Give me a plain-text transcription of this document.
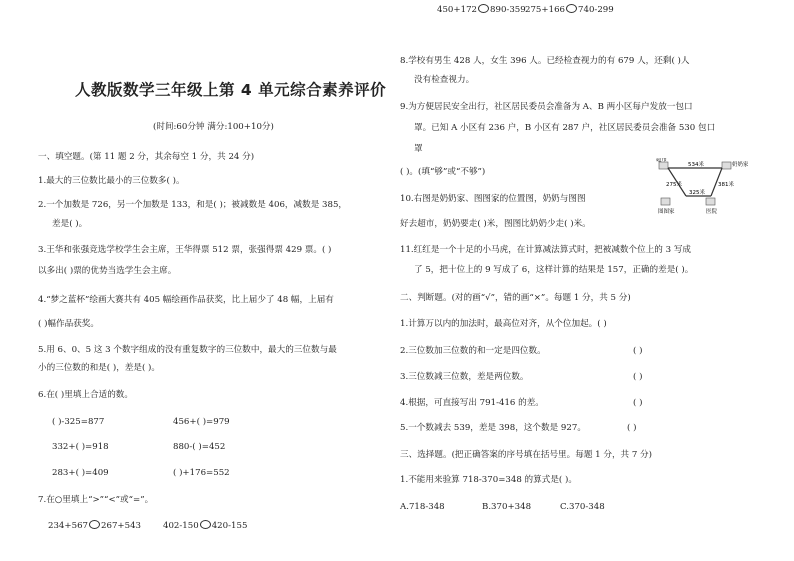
人教版数学三年级上第 4 单元综合素养评价
(时间:60分钟 满分:100+10分)
一、填空题。(第 11 题 2 分，其余每空 1 分，共 24 分)
1.最大的三位数比最小的三位数多( )。
2.一个加数是 726，另一个加数是 133，和是( )；被减数是 406，减数是 385，
差是( )。
3.王华和张强竞选学校学生会主席，王华得票 512 票，张强得票 429 票。( )
以多出( )票的优势当选学生会主席。
4.“梦之蓝杯”绘画大赛共有 405 幅绘画作品获奖，比上届少了 48 幅，上届有
( )幅作品获奖。
5.用 6、0、5 这 3 个数字组成的没有重复数字的三位数中，最大的三位数与最
小的三位数的和是( )，差是( )。
6.在( )里填上合适的数。
( )-325=877	456+( )=979
332+( )=918	880-( )=452
283+( )=409	( )+176=552
7.在○里填上“>”“<”或“=”。
234+567 267+543	402-150 420-155
450+172 890-359 275+166 740-299
8.学校有男生 428 人，女生 396 人。已经检查视力的有 679 人，还剩( )人
没有检查视力。
9.为方便居民安全出行，社区居民委员会准备为 A、B 两小区每户发放一包口
罩。已知 A 小区有 236 户，B 小区有 287 户，社区居民委员会准备 530 包口
罩
( )。(填“够”或“不够”)
10.右图是奶奶家、图图家的位置图，奶奶与图图
好去超市，奶奶要走( )米，图图比奶奶少走( )米。
11.红红是一个十足的小马虎，在计算减法算式时，把被减数个位上的 3 写成
了 5，把十位上的 9 写成了 6，这样计算的结果是 157，正确的差是( )。
二、判断题。(对的画“√”，错的画“×”。每题 1 分，共 5 分)
1.计算万以内的加法时，最高位对齐，从个位加起。( )
2.三位数加三位数的和一定是四位数。	( )
3.三位数减三位数，差是两位数。	( )
4.根据，可直接写出 791-416 的差。	( )
5.一个数减去 539，差是 398，这个数是 927。	( )
三、选择题。(把正确答案的序号填在括号里。每题 1 分，共 7 分)
1.不能用来验算 718-370=348 的算式是( )。
A.718-348	B.370+348	C.370-348
超市
奶奶家
图图家	医院
534米
275米	381米
325米
